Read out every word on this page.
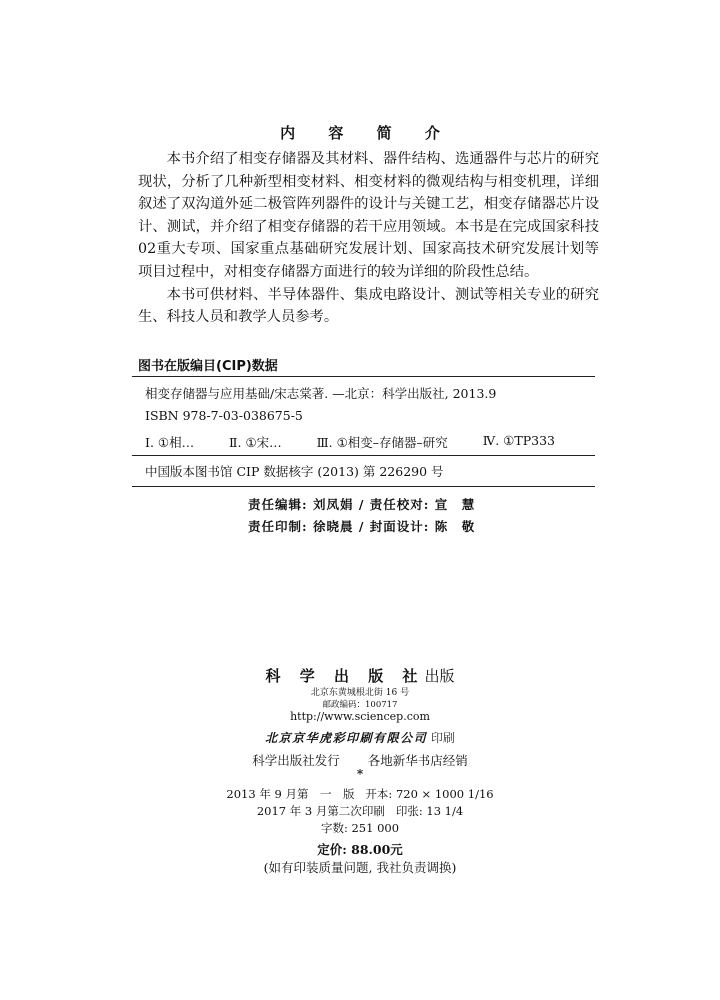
内 容 简 介

本书介绍了相变存储器及其材料、器件结构、选通器件与芯片的研究现状，分析了几种新型相变材料、相变材料的微观结构与相变机理，详细叙述了双沟道外延二极管阵列器件的设计与关键工艺，相变存储器芯片设计、测试，并介绍了相变存储器的若干应用领域。本书是在完成国家科技02重大专项、国家重点基础研究发展计划、国家高技术研究发展计划等项目过程中，对相变存储器方面进行的较为详细的阶段性总结。

本书可供材料、半导体器件、集成电路设计、测试等相关专业的研究生、科技人员和教学人员参考。

图书在版编目(CIP)数据
相变存储器与应用基础/宋志棠著. —北京：科学出版社, 2013.9
ISBN 978-7-03-038675-5
Ⅰ. ①相…	Ⅱ. ①宋…	Ⅲ. ①相变–存储器–研究	Ⅳ. ①TP333
中国版本图书馆 CIP 数据核字 (2013) 第 226290 号
责任编辑: 刘凤娟 / 责任校对: 宣　慧
责任印制: 徐晓晨 / 封面设计: 陈　敬
科 学 出 版 社出版
北京东黄城根北街 16 号
邮政编码：100717
http://www.sciencep.com
北京京华虎彩印刷有限公司 印刷
科学出版社发行 各地新华书店经销
*
2013 年 9 月第　一　版 开本: 720 × 1000 1/16
2017 年 3 月第二次印刷 印张: 13 1/4
字数: 251 000
定价: 88.00元
(如有印装质量问题, 我社负责调换)
